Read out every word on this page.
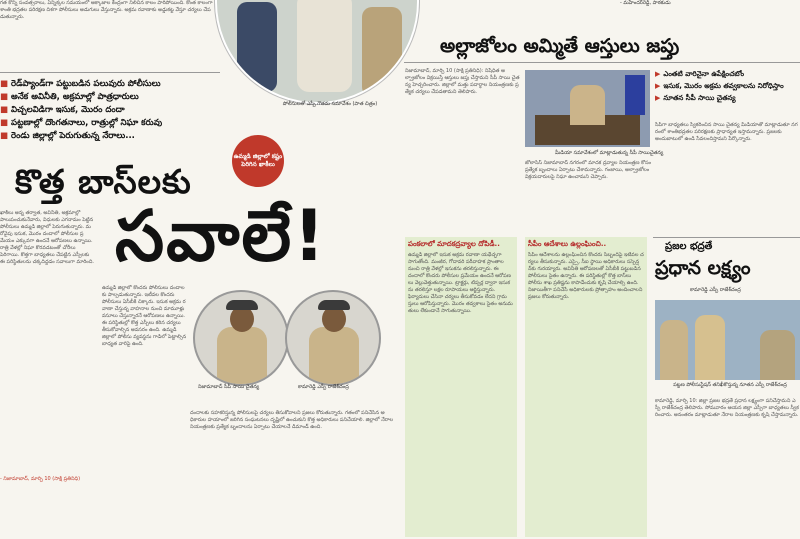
గత కొన్ని సంవత్సరాలు, ఏన్నిక్కల సమయంలో ఆక్కాజాల కేంద్రంగా నిలిచిన కాలం పారిపోయింది. కొంత కాలంగా శాంతి భద్రతల పరిరక్షణ దిశగా పోలీసులు అడుగులు వేస్తున్నారు. అక్రమ రవాణాకు అడ్డుకట్ట వేస్తూ చర్యలు చేపడుతున్నారు.
- మహేందర్‌రెడ్డి, పాఠకుడు
పోలీసులతో ఎస్పీ గౌతమ సమావేశం (పాత చిత్రం)
■ రెడ్‌ప్యాండ్‌గా పట్టుబడిన పలువురు పోలీసులు
■ అనేక అవినీతి, అక్రమాల్లో పాత్రధారులు
■ విచ్చలవిడిగా ఇసుక, మొరం దందా
■ పట్టణాల్లో దొంగతనాలు, రాత్రుల్లో నిఘా కరువు
■ రెండు జిల్లాల్లో పెరుగుతున్న నేరాలు...
ఉమ్మడి జిల్లాలో కష్టం పెరిగిన ఖాకీలు
కొత్త బాస్‌లకు
సవాలే!

ఖాకీలు అన్న తర్వాత, అవినీతి, అక్రమాల్లో పాలుపంచుకునేవారు, విధులకు ఎగనామం పెట్టిన పోలీసులు ఉమ్మడి జిల్లాలో పెరుగుతున్నారు. మరోవైపు ఇసుక, మొరం దందాలో పోలీసుల ప్రమేయం ఎక్కువగా ఉందనే ఆరోపణలు ఉన్నాయి. రాత్రి వేళల్లో నిఘా కొరవడటంతో చోరీలు పెరిగాయి. కొత్తగా బాధ్యతలు చేపట్టిన ఎస్పీలకు ఈ పరిస్థితులను చక్కదిద్దడం సవాలుగా మారింది.

- నిజామాబాద్, మార్చి 10 (సాక్షి ప్రతినిధి)
ఉమ్మడి జిల్లాలో కొందరు పోలీసులు దందాలకు పాల్పడుతున్నారు. ఇటీవల కొందరు పోలీసులు ఏసీబీకి చిక్కారు. ఇసుక అక్రమ రవాణా చేస్తున్న వాహనాల నుంచి మామూళ్లు వసూలు చేస్తున్నారనే ఆరోపణలు ఉన్నాయి. ఈ పరిస్థితుల్లో కొత్త ఎస్పీలు కఠిన చర్యలు తీసుకోవాల్సిన అవసరం ఉంది. ఉమ్మడి జిల్లాలో పోలీసు వ్యవస్థను గాడిలో పెట్టాల్సిన బాధ్యత వారిపై ఉంది.
నిజామాబాద్ సీపీ సాయి చైతన్య	కామారెడ్డి ఎస్పీ రాజేశ్‌చంద్ర
దందాలకు సహకరిస్తున్న పోలీసులపై చర్యలు తీసుకోవాలని ప్రజలు కోరుతున్నారు. గతంలో పనిచేసిన అధికారుల హయాంలో జరిగిన సంఘటనలు దృష్టిలో ఉంచుకుని కొత్త అధికారులు పనిచేయాలి. జిల్లాలో నేరాల నియంత్రణకు ప్రత్యేక బృందాలను ఏర్పాటు చేయాలనే డిమాండ్ ఉంది.
అల్లాజోలం అమ్మితే ఆస్తులు జప్తు
నిజామాబాద్, మార్చి 10 (సాక్షి ప్రతినిధి): నిషేధిత అల్ప్రాజోలం విక్రయిస్తే ఆస్తులు జప్తు చేస్తామని సీపీ సాయి చైతన్య హెచ్చరించారు. జిల్లాలో మత్తు పదార్థాల నియంత్రణకు ప్రత్యేక చర్యలు చేపడతామని తెలిపారు.
మీడియా సమావేశంలో మాట్లాడుతున్న సీపీ సాయిచైతన్య
జోలాసిస్ నిజామాబాద్ నగరంలో మాదక ద్రవ్యాల నియంత్రణ కోసం ప్రత్యేక బృందాలు ఏర్పాటు చేశామన్నారు. గంజాయి, అల్ప్రాజోలం విక్రయదారులపై నిఘా ఉంచామని చెప్పారు.
▶ ఎంతటి వారినైనా ఉపేక్షించబోం
▶ ఇసుక, మొరం అక్రమ తవ్వకాలను నిరోధిస్తాం
▶ నూతన సీపీ సాయి చైతన్య
సీపీగా బాధ్యతలు స్వీకరించిన సాయి చైతన్య మీడియాతో మాట్లాడుతూ నగరంలో శాంతిభద్రతల పరిరక్షణకు ప్రాధాన్యత ఇస్తామన్నారు. ప్రజలకు అందుబాటులో ఉండి సేవలందిస్తామని పేర్కొన్నారు.
పంకలాలో మాదకద్రవ్యాల దోపిడీ..
ఉమ్మడి జిల్లాలో ఇసుక అక్రమ రవాణా యథేచ్ఛగా సాగుతోంది. మంజీర, గోదావరి పరీవాహక ప్రాంతాల నుంచి రాత్రి వేళల్లో ఇసుకను తరలిస్తున్నారు. ఈ దందాలో కొందరు పోలీసుల ప్రమేయం ఉందనే ఆరోపణలు వెల్లువెత్తుతున్నాయి. ట్రాక్టర్లు, టిప్పర్ల ద్వారా ఇసుకను తరలిస్తూ లక్షల రూపాయలు ఆర్జిస్తున్నారు. ఫిర్యాదులు చేసినా చర్యలు తీసుకోవడం లేదని గ్రామస్తులు ఆరోపిస్తున్నారు. మొరం తవ్వకాలు సైతం అనుమతులు లేకుండానే సాగుతున్నాయి.
సీపీం ఆదేశాలు ఉల్లంఘించి..
సీపీం ఆదేశాలను ఉల్లంఘించిన కొందరు సిబ్బందిపై ఇటీవల చర్యలు తీసుకున్నారు. ఎస్సై, సీఐ స్థాయి అధికారులు సస్పెన్షన్‌కు గురయ్యారు. అవినీతి ఆరోపణలతో ఏసీబీకి పట్టుబడిన పోలీసులు సైతం ఉన్నారు. ఈ పరిస్థితుల్లో కొత్త బాస్‌లు పోలీసు శాఖ ప్రతిష్టను కాపాడేందుకు కృషి చేయాల్సి ఉంది. నిజాయితీగా పనిచేసే అధికారులకు ప్రోత్సాహం అందించాలని ప్రజలు కోరుతున్నారు.
ప్రజల భద్రతే
ప్రధాన లక్ష్యం
కామారెడ్డి ఎస్పీ రాజేశ్‌చంద్ర
పట్టణ పోలీసుస్టేషన్ తనిఖీకొస్తున్న నూతన ఎస్పీ రాజేశ్‌చంద్ర
కామారెడ్డి, మార్చి 10: జిల్లా ప్రజల భద్రతే ప్రధాన లక్ష్యంగా పనిచేస్తామని ఎస్పీ రాజేశ్‌చంద్ర తెలిపారు. సోమవారం ఆయన జిల్లా ఎస్పీగా బాధ్యతలు స్వీకరించారు. అనంతరం మాట్లాడుతూ నేరాల నియంత్రణకు కృషి చేస్తామన్నారు.
